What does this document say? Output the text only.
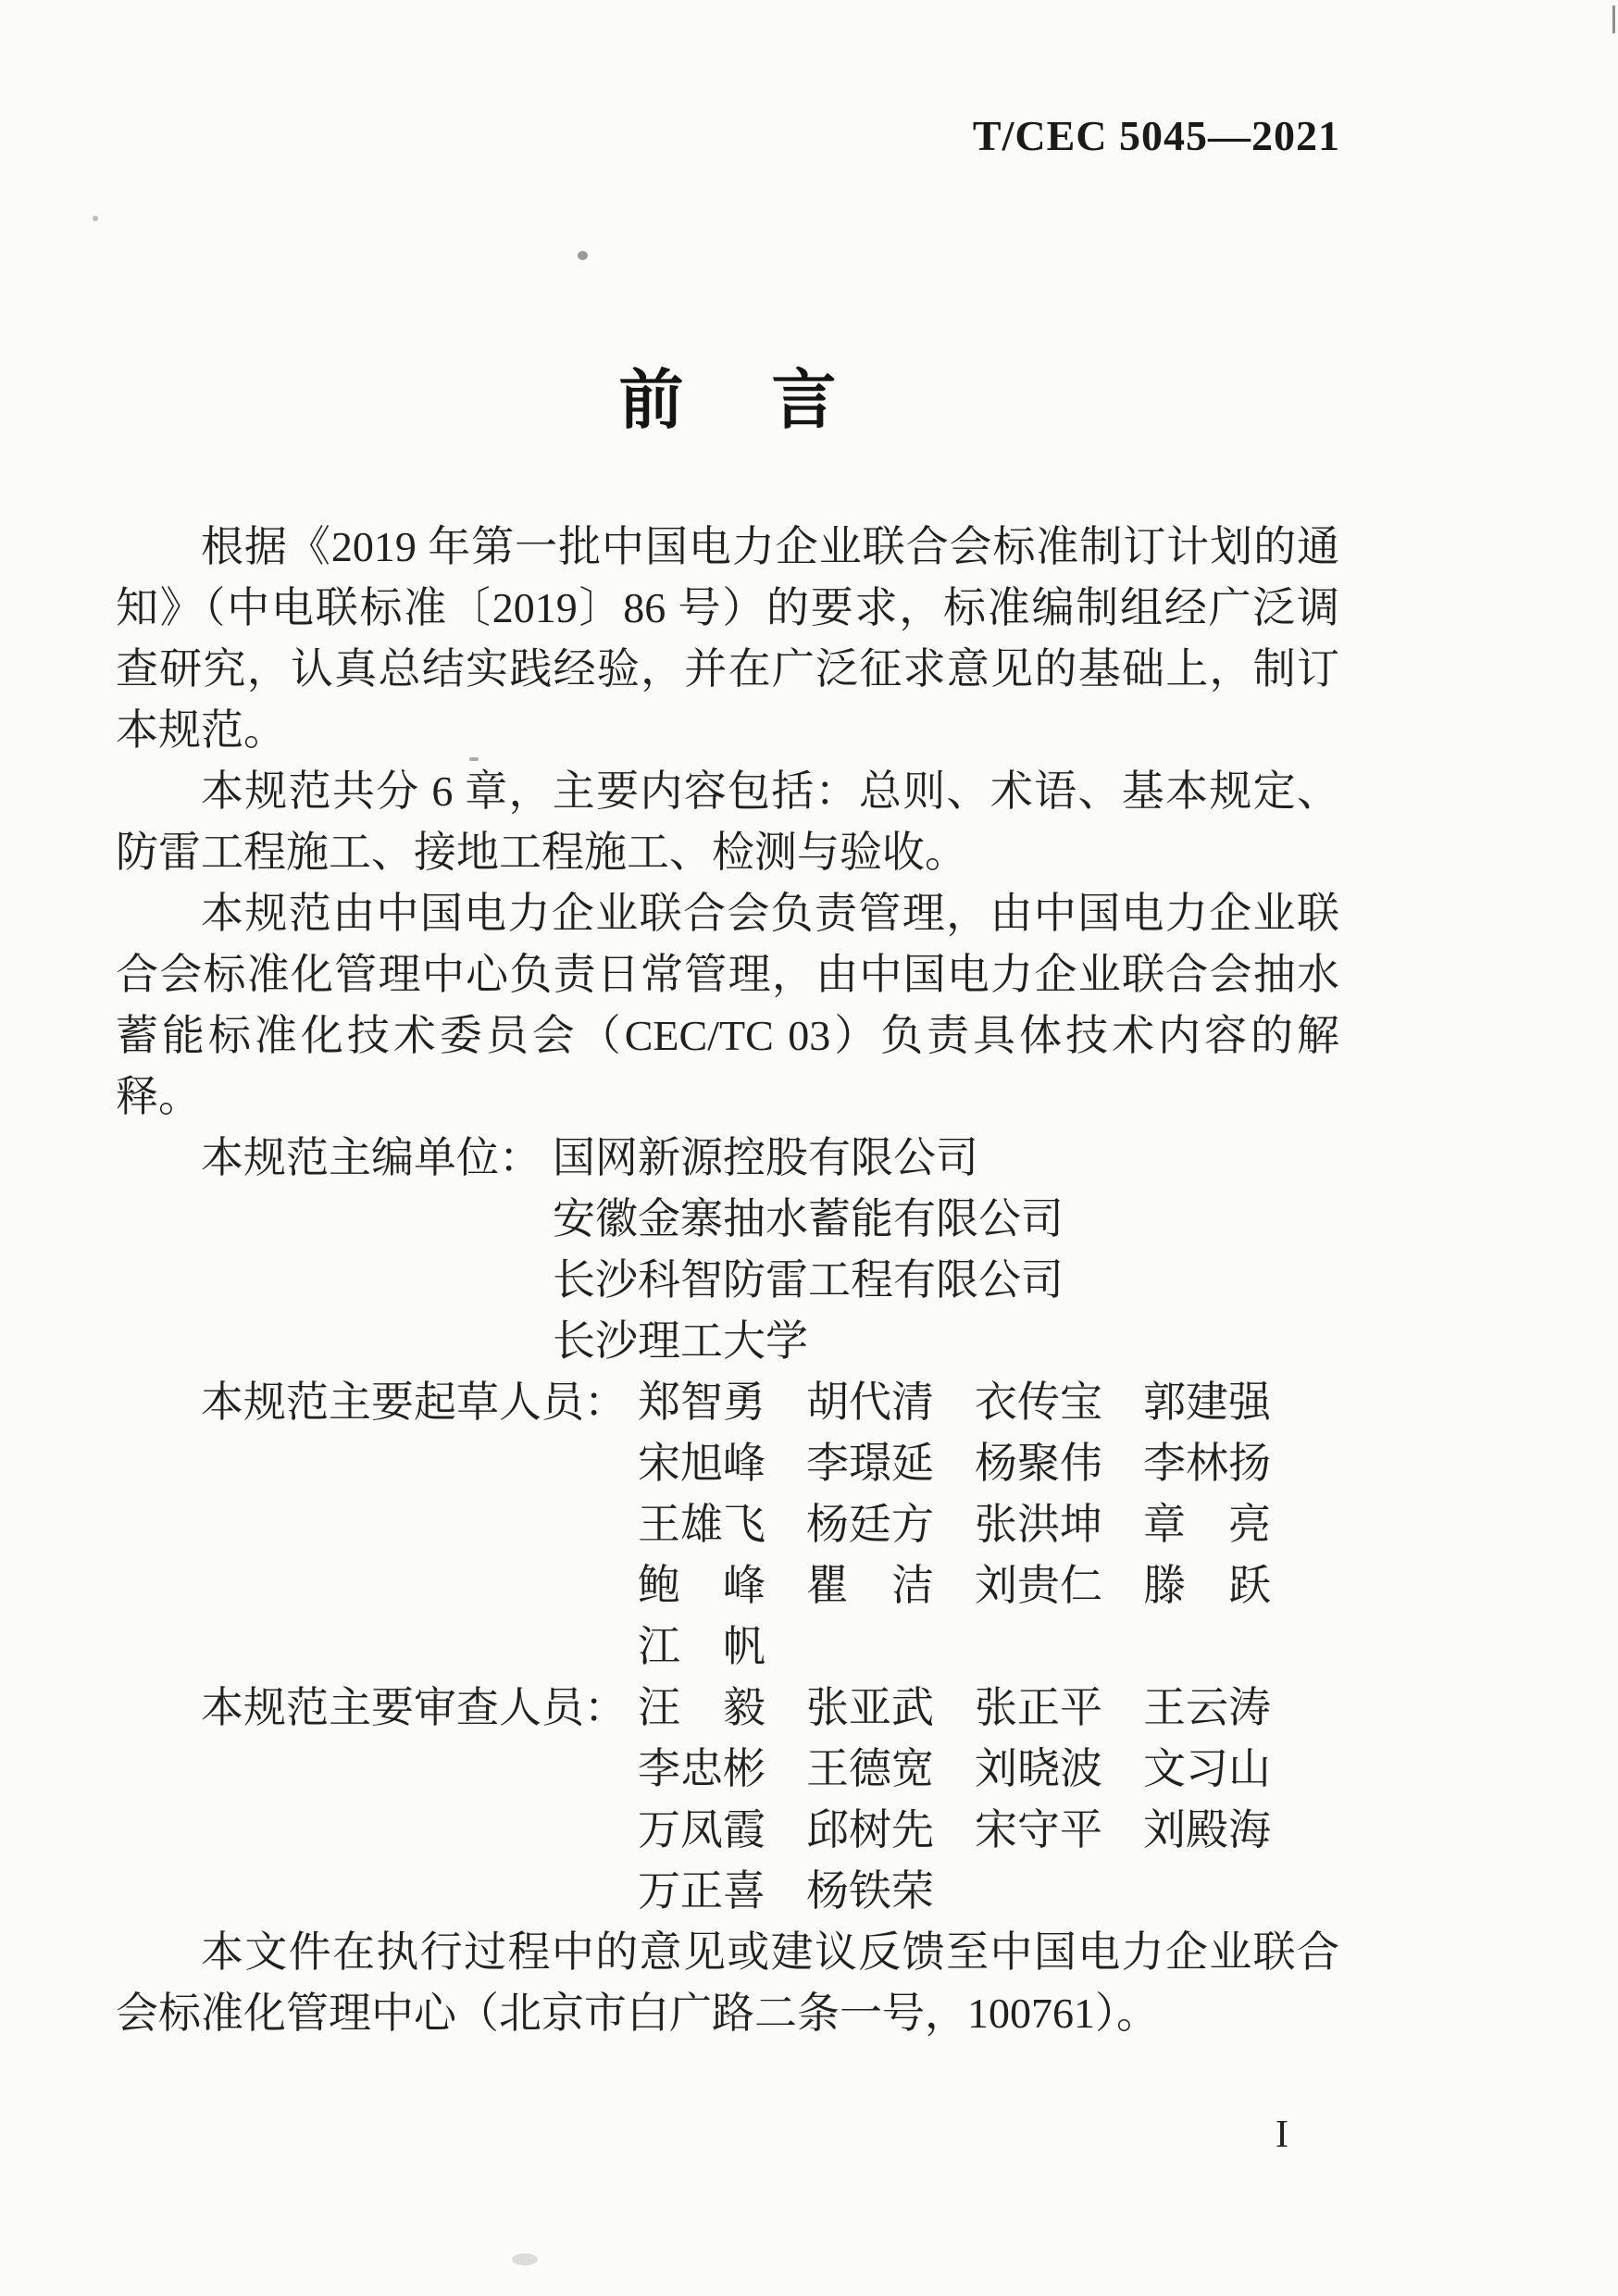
T/CEC 5045—2021
前 言

根据《2019 年第一批中国电力企业联合会标准制订计划的通知》（中电联标准〔2019〕86 号）的要求，标准编制组经广泛调查研究，认真总结实践经验，并在广泛征求意见的基础上，制订本规范。

本规范共分 6 章，主要内容包括：总则、术语、基本规定、防雷工程施工、接地工程施工、检测与验收。

本规范由中国电力企业联合会负责管理，由中国电力企业联合会标准化管理中心负责日常管理，由中国电力企业联合会抽水蓄能标准化技术委员会（CEC/TC 03）负责具体技术内容的解释。

本规范主编单位： 国网新源控股有限公司
安徽金寨抽水蓄能有限公司
长沙科智防雷工程有限公司
长沙理工大学
本规范主要起草人员： 郑智勇 胡代清 衣传宝 郭建强
宋旭峰 李璟延 杨聚伟 李林扬
王雄飞 杨廷方 张洪坤 章　亮
鲍　峰 瞿　洁 刘贵仁 滕　跃
江　帆
本规范主要审查人员： 汪　毅 张亚武 张正平 王云涛
李忠彬 王德宽 刘晓波 文习山
万凤霞 邱树先 宋守平 刘殿海
万正喜 杨铁荣

本文件在执行过程中的意见或建议反馈至中国电力企业联合会标准化管理中心（北京市白广路二条一号，100761）。

I
